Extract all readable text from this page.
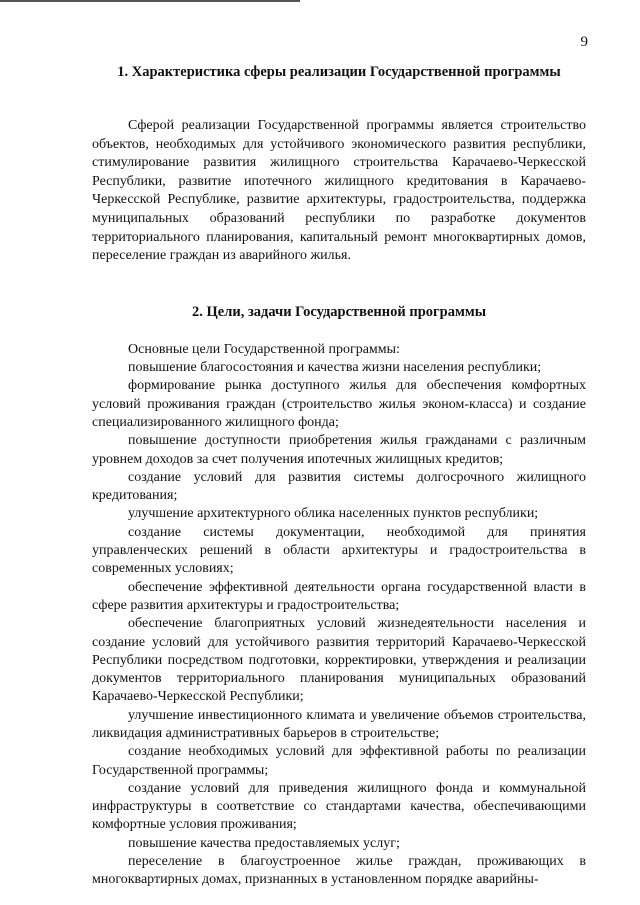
9
1. Характеристика сферы реализации Государственной программы

Сферой реализации Государственной программы является строительство объектов, необходимых для устойчивого экономического развития республики, стимулирование развития жилищного строительства Карачаево-Черкесской Республики, развитие ипотечного жилищного кредитования в Карачаево-Черкесской Республике, развитие архитектуры, градостроительства, поддержка муниципальных образований республики по разработке документов территориального планирования, капитальный ремонт многоквартирных домов, переселение граждан из аварийного жилья.

2. Цели, задачи Государственной программы

Основные цели Государственной программы:

повышение благосостояния и качества жизни населения республики;

формирование рынка доступного жилья для обеспечения комфортных условий проживания граждан (строительство жилья эконом-класса) и создание специализированного жилищного фонда;

повышение доступности приобретения жилья гражданами с различным уровнем доходов за счет получения ипотечных жилищных кредитов;

создание условий для развития системы долгосрочного жилищного кредитования;

улучшение архитектурного облика населенных пунктов республики;

создание системы документации, необходимой для принятия управленческих решений в области архитектуры и градостроительства в современных условиях;

обеспечение эффективной деятельности органа государственной власти в сфере развития архитектуры и градостроительства;

обеспечение благоприятных условий жизнедеятельности населения и создание условий для устойчивого развития территорий Карачаево-Черкесской Республики посредством подготовки, корректировки, утверждения и реализации документов территориального планирования муниципальных образований Карачаево-Черкесской Республики;

улучшение инвестиционного климата и увеличение объемов строительства, ликвидация административных барьеров в строительстве;

создание необходимых условий для эффективной работы по реализации Государственной программы;

создание условий для приведения жилищного фонда и коммунальной инфраструктуры в соответствие со стандартами качества, обеспечивающими комфортные условия проживания;

повышение качества предоставляемых услуг;

переселение в благоустроенное жилье граждан, проживающих в многоквартирных домах, признанных в установленном порядке аварийны-
